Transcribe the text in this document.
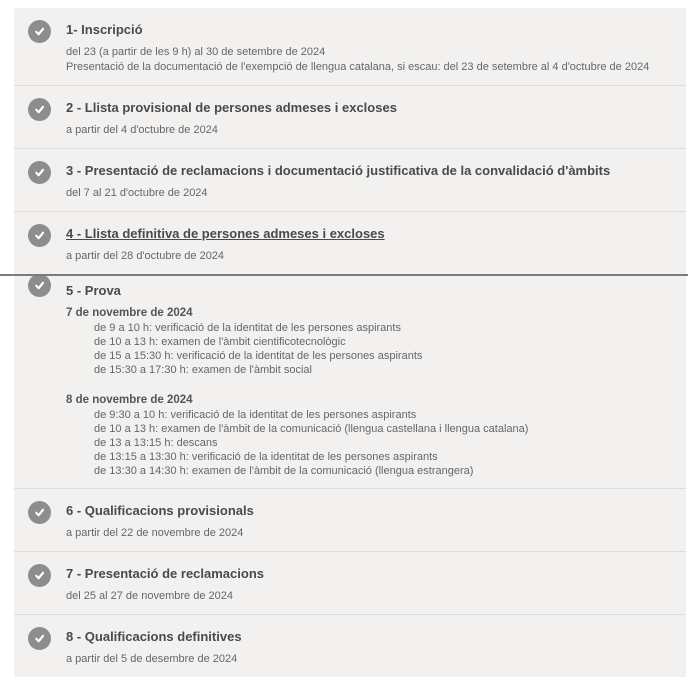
1- Inscripció
del 23 (a partir de les 9 h) al 30 de setembre de 2024
Presentació de la documentació de l'exempció de llengua catalana, si escau: del 23 de setembre al 4 d'octubre de 2024
2 - Llista provisional de persones admeses i excloses
a partir del 4 d'octubre de 2024
3 - Presentació de reclamacions i documentació justificativa de la convalidació d'àmbits
del 7 al 21 d'octubre de 2024
4 - Llista definitiva de persones admeses i excloses
a partir del 28 d'octubre de 2024
5 - Prova
7 de novembre de 2024
de 9 a 10 h: verificació de la identitat de les persones aspirants
de 10 a 13 h: examen de l'àmbit cientificotecnològic
de 15 a 15:30 h: verificació de la identitat de les persones aspirants
de 15:30 a 17:30 h: examen de l'àmbit social
8 de novembre de 2024
de 9:30 a 10 h: verificació de la identitat de les persones aspirants
de 10 a 13 h: examen de l'àmbit de la comunicació (llengua castellana i llengua catalana)
de 13 a 13:15 h: descans
de 13:15 a 13:30 h: verificació de la identitat de les persones aspirants
de 13:30 a 14:30 h: examen de l'àmbit de la comunicació (llengua estrangera)
6 - Qualificacions provisionals
a partir del 22 de novembre de 2024
7 - Presentació de reclamacions
del 25 al 27 de novembre de 2024
8 - Qualificacions definitives
a partir del 5 de desembre de 2024
